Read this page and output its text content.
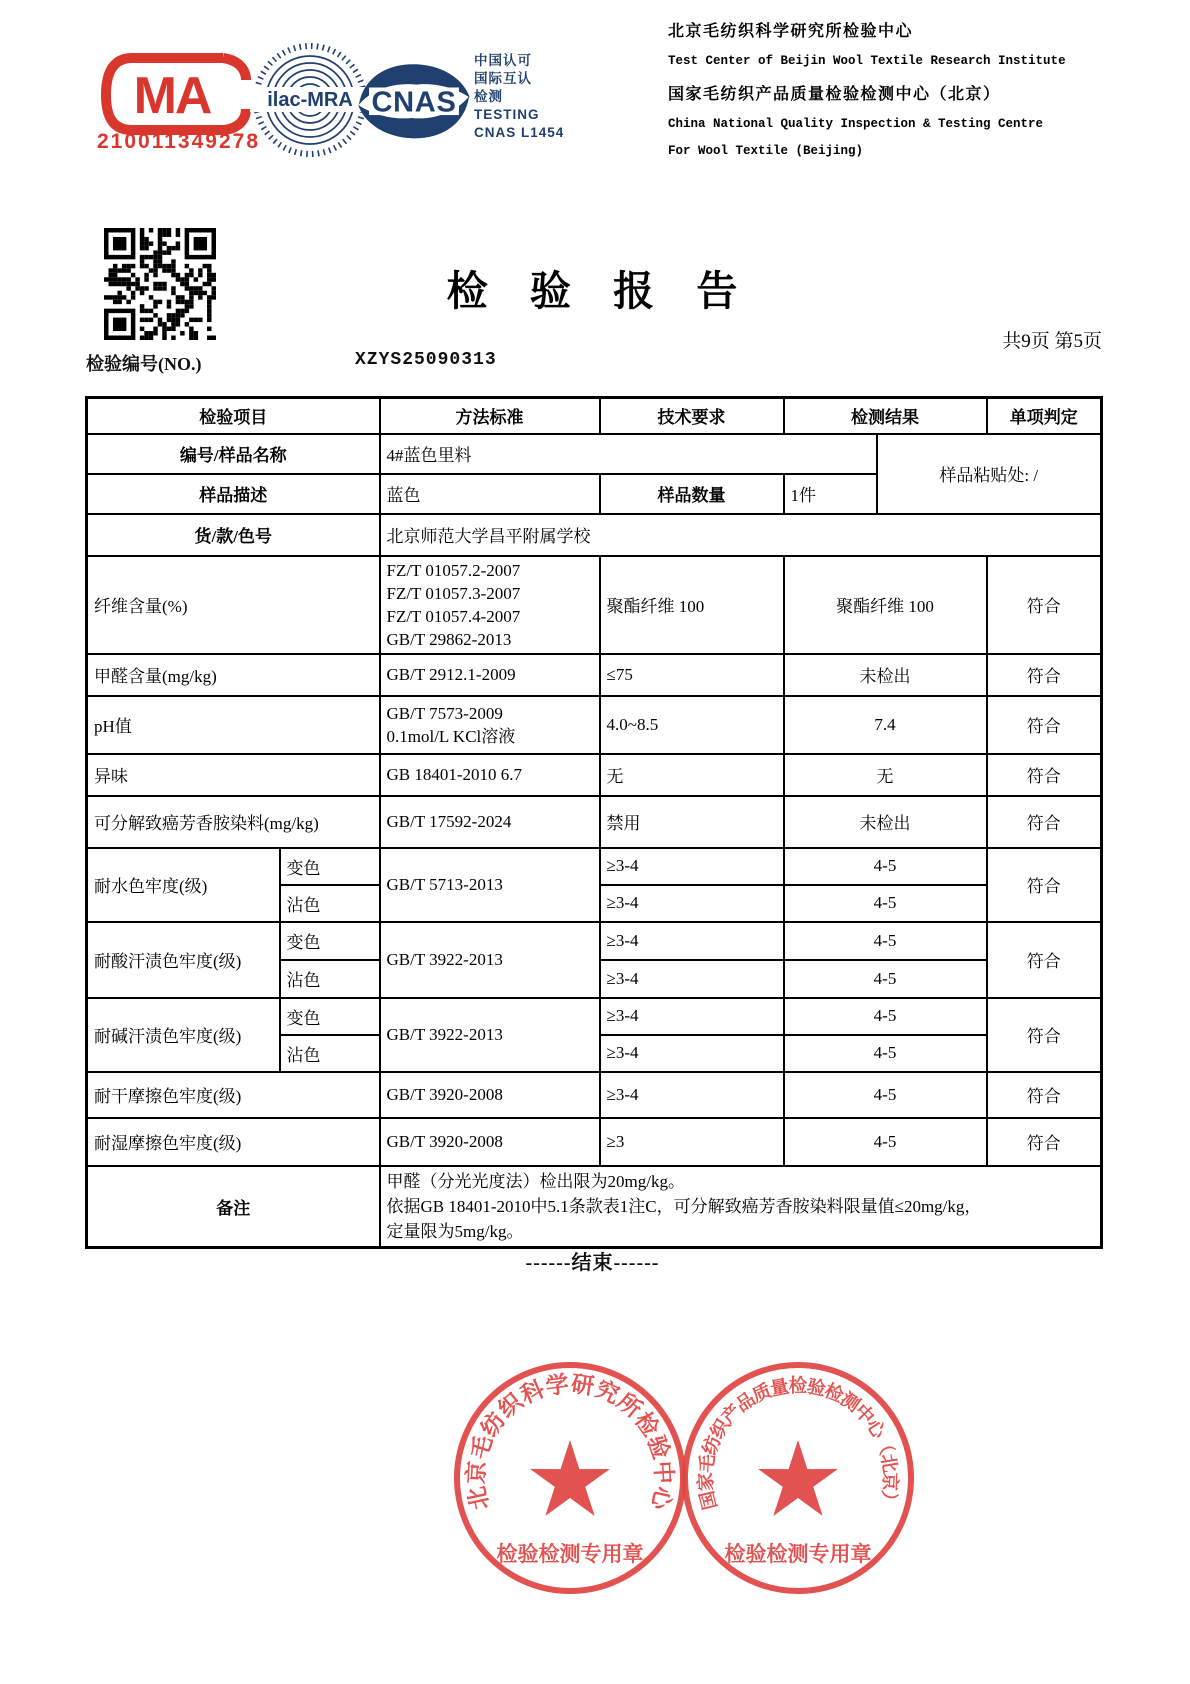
MA
210011349278
ilac-MRA CNAS
中国认可
国际互认
检测
TESTING
CNAS L1454

北京毛纺织科学研究所检验中心

Test Center of Beijin Wool Textile Research Institute

国家毛纺织产品质量检验检测中心（北京）

China National Quality Inspection & Testing Centre

For Wool Textile (Beijing)

检 验 报 告
共9页 第5页
检验编号(NO.)	XZYS25090313
检验项目		方法标准	技术要求	检测结果		单项判定
编号/样品名称		4#蓝色里料			样品粘贴处: /	
样品描述		蓝色	样品数量	1件		
货/款/色号		北京师范大学昌平附属学校				
纤维含量(%)		FZ/T 01057.2-2007
FZ/T 01057.3-2007
FZ/T 01057.4-2007
GB/T 29862-2013	聚酯纤维 100	聚酯纤维 100		符合
甲醛含量(mg/kg)		GB/T 2912.1-2009	≤75	未检出		符合
pH值		GB/T 7573-2009
0.1mol/L KCl溶液	4.0~8.5	7.4		符合
异味		GB 18401-2010 6.7	无	无		符合
可分解致癌芳香胺染料(mg/kg)		GB/T 17592-2024	禁用	未检出		符合
耐水色牢度(级)	变色	GB/T 5713-2013	≥3-4	4-5		符合
	沾色		≥3-4	4-5		
耐酸汗渍色牢度(级)	变色	GB/T 3922-2013	≥3-4	4-5		符合
	沾色		≥3-4	4-5		
耐碱汗渍色牢度(级)	变色	GB/T 3922-2013	≥3-4	4-5		符合
	沾色		≥3-4	4-5		
耐干摩擦色牢度(级)		GB/T 3920-2008	≥3-4	4-5		符合
耐湿摩擦色牢度(级)		GB/T 3920-2008	≥3	4-5		符合
备注		甲醛（分光光度法）检出限为20mg/kg。
依据GB 18401-2010中5.1条款表1注C，可分解致癌芳香胺染料限量值≤20mg/kg，
定量限为5mg/kg。				
------结束------
北京毛纺织科学研究所检验中心
检验检测专用章
国家毛纺织产品质量检验检测中心（北京）
检验检测专用章
